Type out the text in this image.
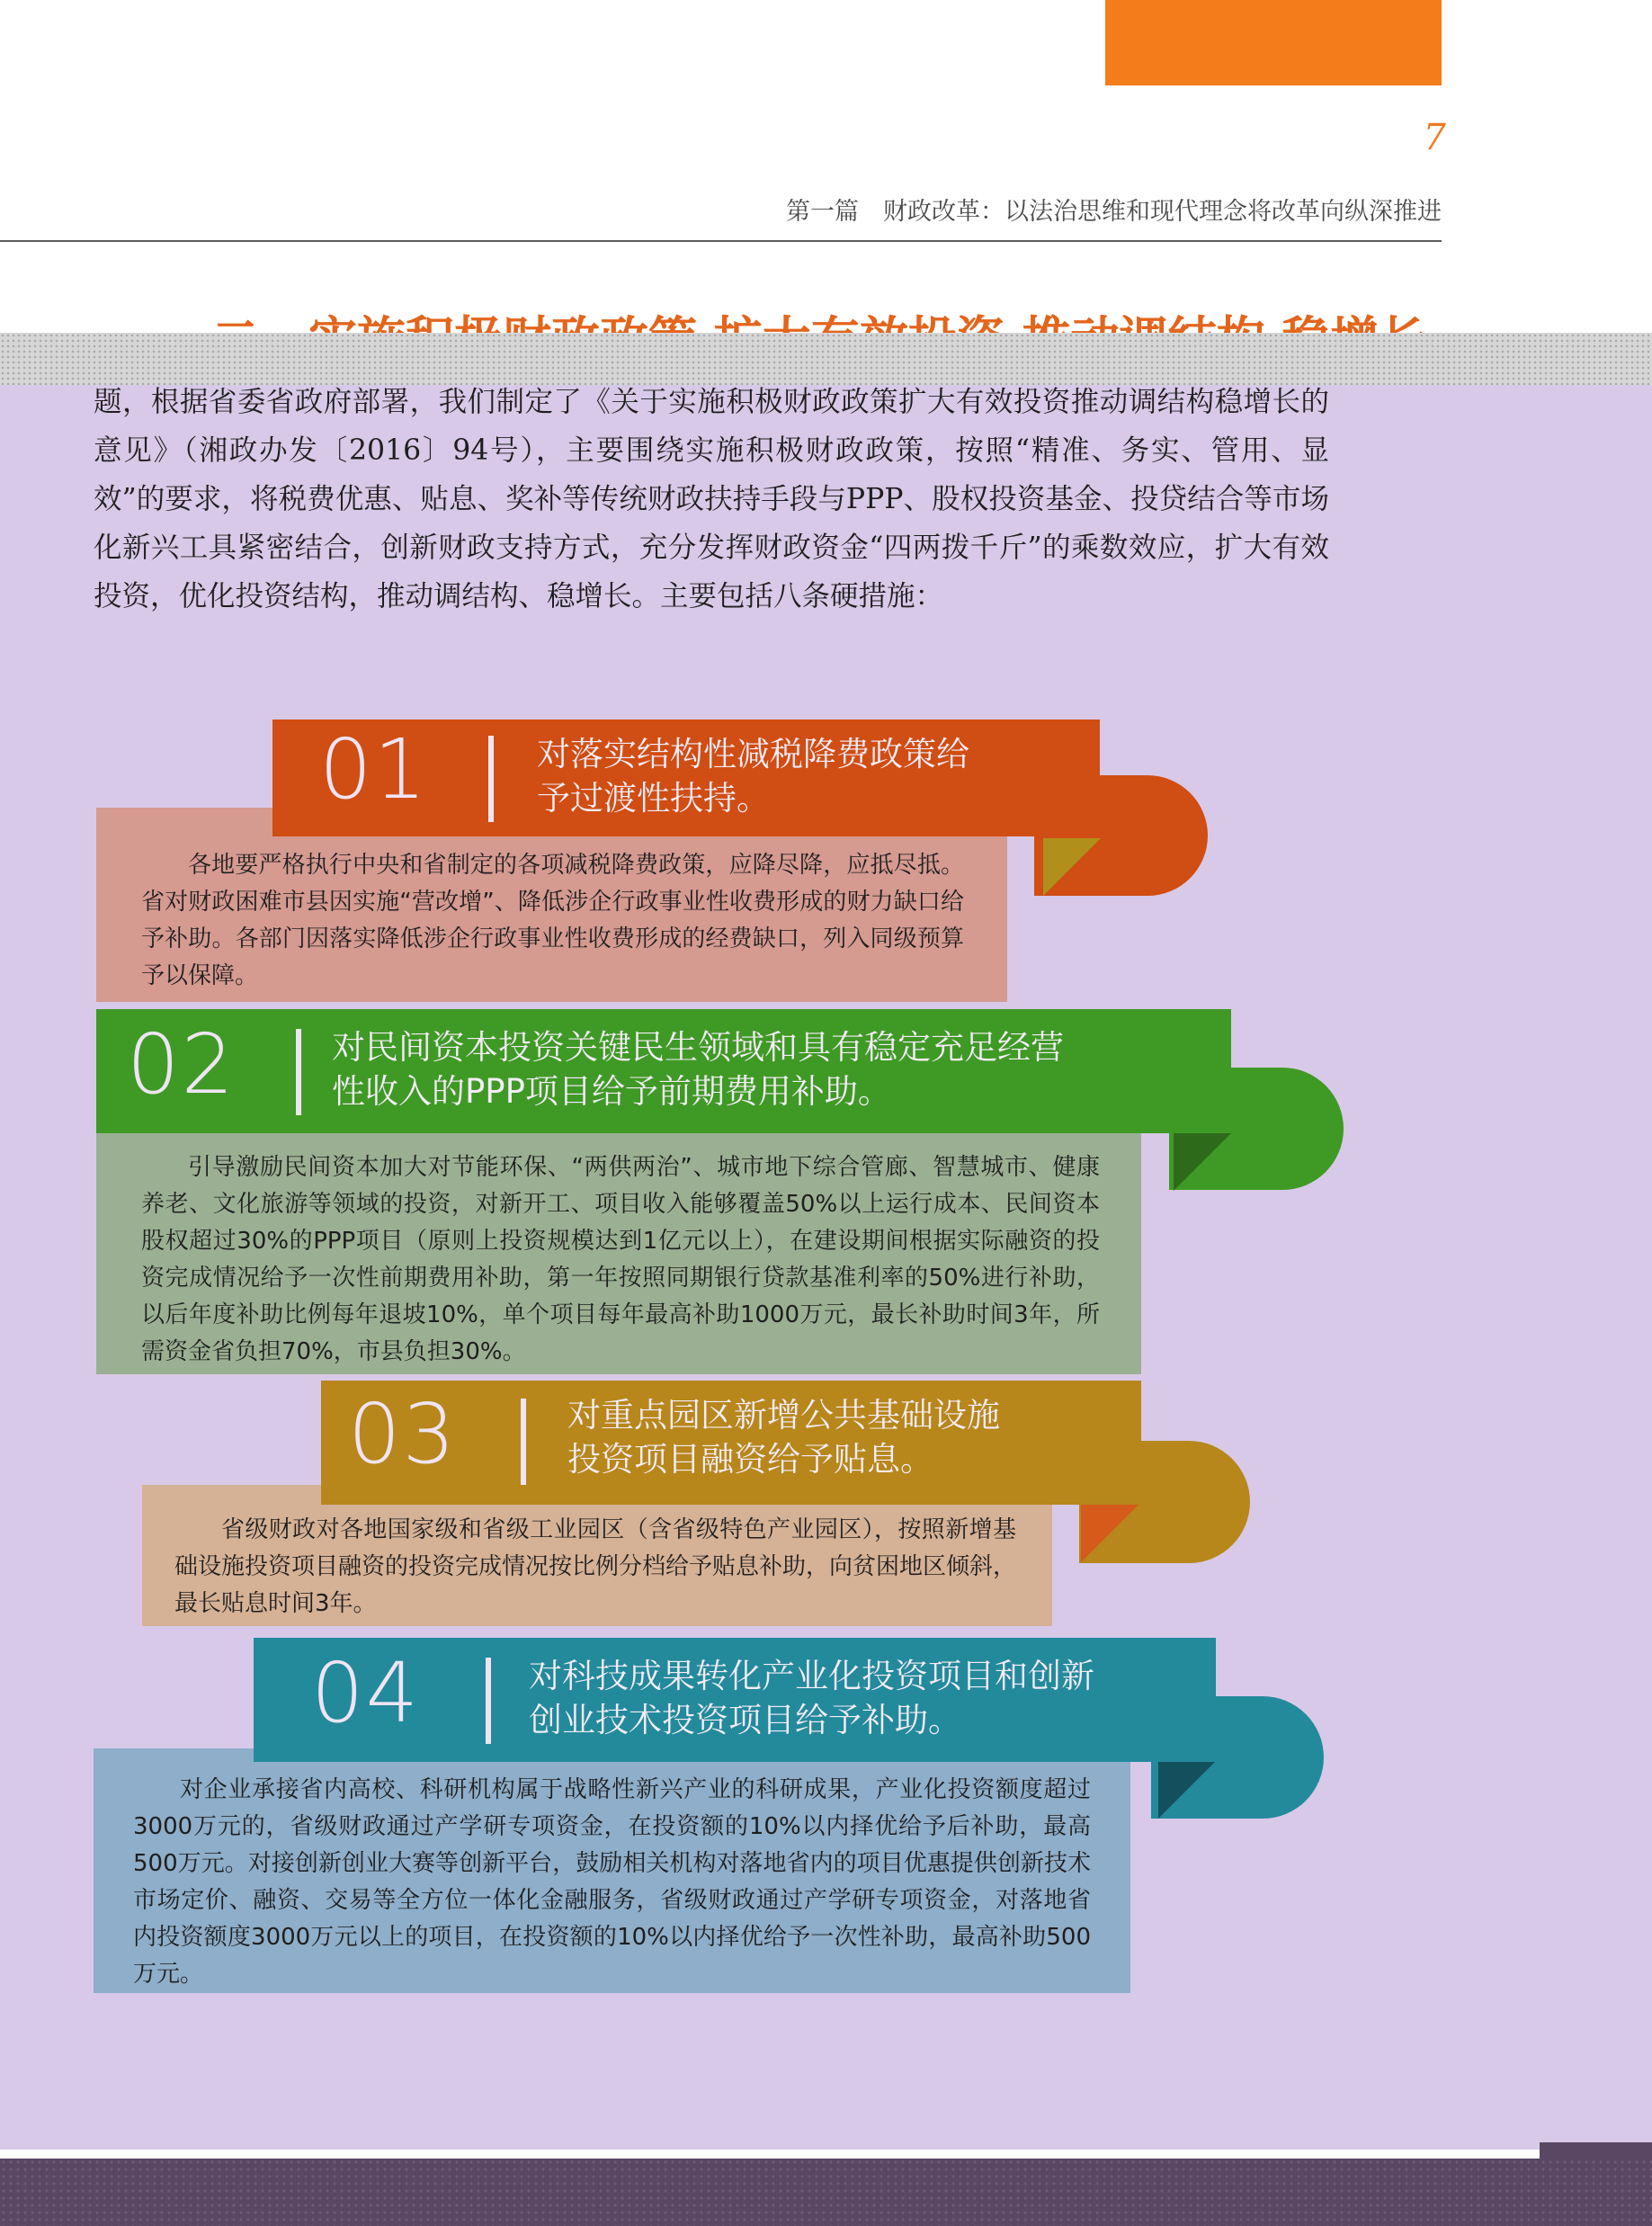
7
第一篇　财政改革：以法治思维和现代理念将改革向纵深推进
题，根据省委省政府部署，我们制定了《关于实施积极财政政策扩大有效投资推动调结构稳增长的意见》（湘政办发〔2016〕94号），主要围绕实施积极财政政策，按照“精准、务实、管用、显效”的要求，将税费优惠、贴息、奖补等传统财政扶持手段与PPP、股权投资基金、投贷结合等市场化新兴工具紧密结合，创新财政支持方式，充分发挥财政资金“四两拨千斤”的乘数效应，扩大有效投资，优化投资结构，推动调结构、稳增长。主要包括八条硬措施：

各地要严格执行中央和省制定的各项减税降费政策，应降尽降，应抵尽抵。省对财政困难市县因实施“营改增”、降低涉企行政事业性收费形成的财力缺口给予补助。各部门因落实降低涉企行政事业性收费形成的经费缺口，列入同级预算予以保障。

01	对落实结构性减税降费政策给
予过渡性扶持。

引导激励民间资本加大对节能环保、“两供两治”、城市地下综合管廊、智慧城市、健康养老、文化旅游等领域的投资，对新开工、项目收入能够覆盖50%以上运行成本、民间资本股权超过30%的PPP项目（原则上投资规模达到1亿元以上），在建设期间根据实际融资的投资完成情况给予一次性前期费用补助，第一年按照同期银行贷款基准利率的50%进行补助，以后年度补助比例每年退坡10%，单个项目每年最高补助1000万元，最长补助时间3年，所需资金省负担70%，市县负担30%。

02	对民间资本投资关键民生领域和具有稳定充足经营
性收入的PPP项目给予前期费用补助。

省级财政对各地国家级和省级工业园区（含省级特色产业园区），按照新增基础设施投资项目融资的投资完成情况按比例分档给予贴息补助，向贫困地区倾斜，最长贴息时间3年。

03	对重点园区新增公共基础设施
投资项目融资给予贴息。

对企业承接省内高校、科研机构属于战略性新兴产业的科研成果，产业化投资额度超过3000万元的，省级财政通过产学研专项资金，在投资额的10%以内择优给予后补助，最高500万元。对接创新创业大赛等创新平台，鼓励相关机构对落地省内的项目优惠提供创新技术市场定价、融资、交易等全方位一体化金融服务，省级财政通过产学研专项资金，对落地省内投资额度3000万元以上的项目，在投资额的10%以内择优给予一次性补助，最高补助500万元。

04	对科技成果转化产业化投资项目和创新
创业技术投资项目给予补助。
